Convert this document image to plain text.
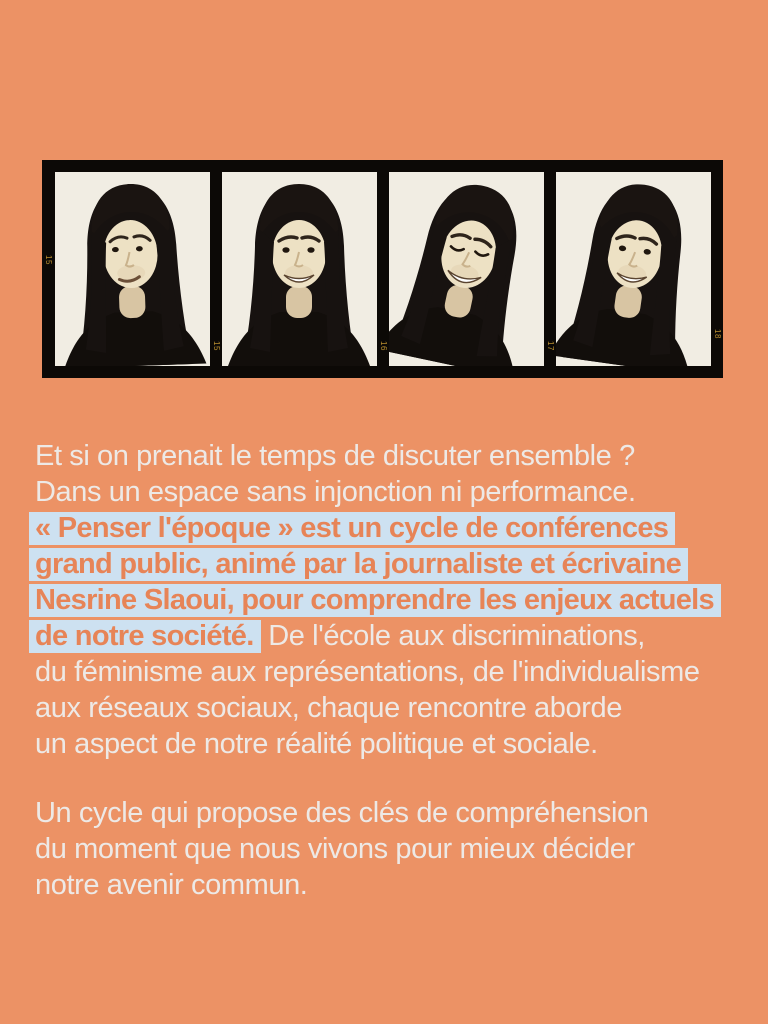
15
15	16	17
18

Et si on prenait le temps de discuter ensemble ?
Dans un espace sans injonction ni performance.
« Penser l'époque » est un cycle de conférences
grand public, animé par la journaliste et écrivaine
Nesrine Slaoui, pour comprendre les enjeux actuels
de notre société. De l'école aux discriminations,
du féminisme aux représentations, de l'individualisme
aux réseaux sociaux, chaque rencontre aborde
un aspect de notre réalité politique et sociale.

Un cycle qui propose des clés de compréhension
du moment que nous vivons pour mieux décider
notre avenir commun.
